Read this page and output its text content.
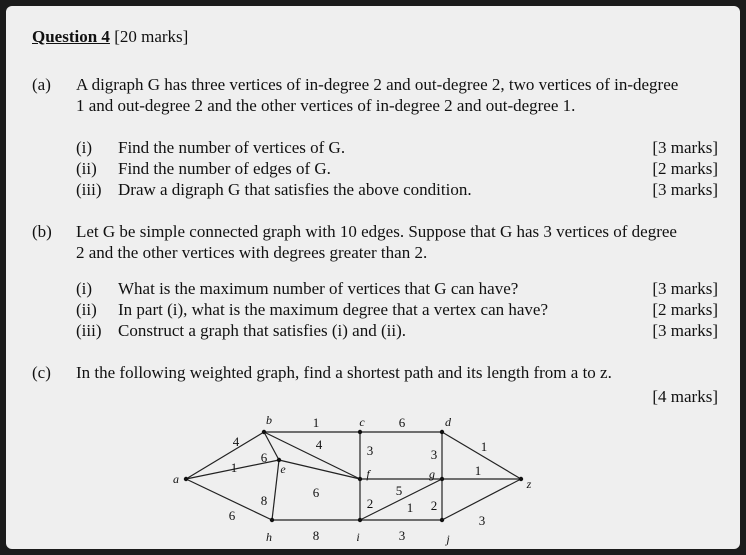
Question 4 [20 marks]
(a) A digraph G has three vertices of in-degree 2 and out-degree 2, two vertices of in-degree
1 and out-degree 2 and the other vertices of in-degree 2 and out-degree 1.
(i) Find the number of vertices of G.	[3 marks]
(ii) Find the number of edges of G.	[2 marks]
(iii) Draw a digraph G that satisfies the above condition.	[3 marks]
(b) Let G be simple connected graph with 10 edges. Suppose that G has 3 vertices of degree
2 and the other vertices with degrees greater than 2.
(i) What is the maximum number of vertices that G can have?	[3 marks]
(ii) In part (i), what is the maximum degree that a vertex can have?	[2 marks]
(iii) Construct a graph that satisfies (i) and (ii).	[3 marks]
(c) In the following weighted graph, find a shortest path and its length from a to z.
[4 marks]
4
1
6
1
6
4
6
3	3
1
6
8
5
2
1
2
1
8	3
3
a
b	c	d
e	f	g
h	i	j
z
